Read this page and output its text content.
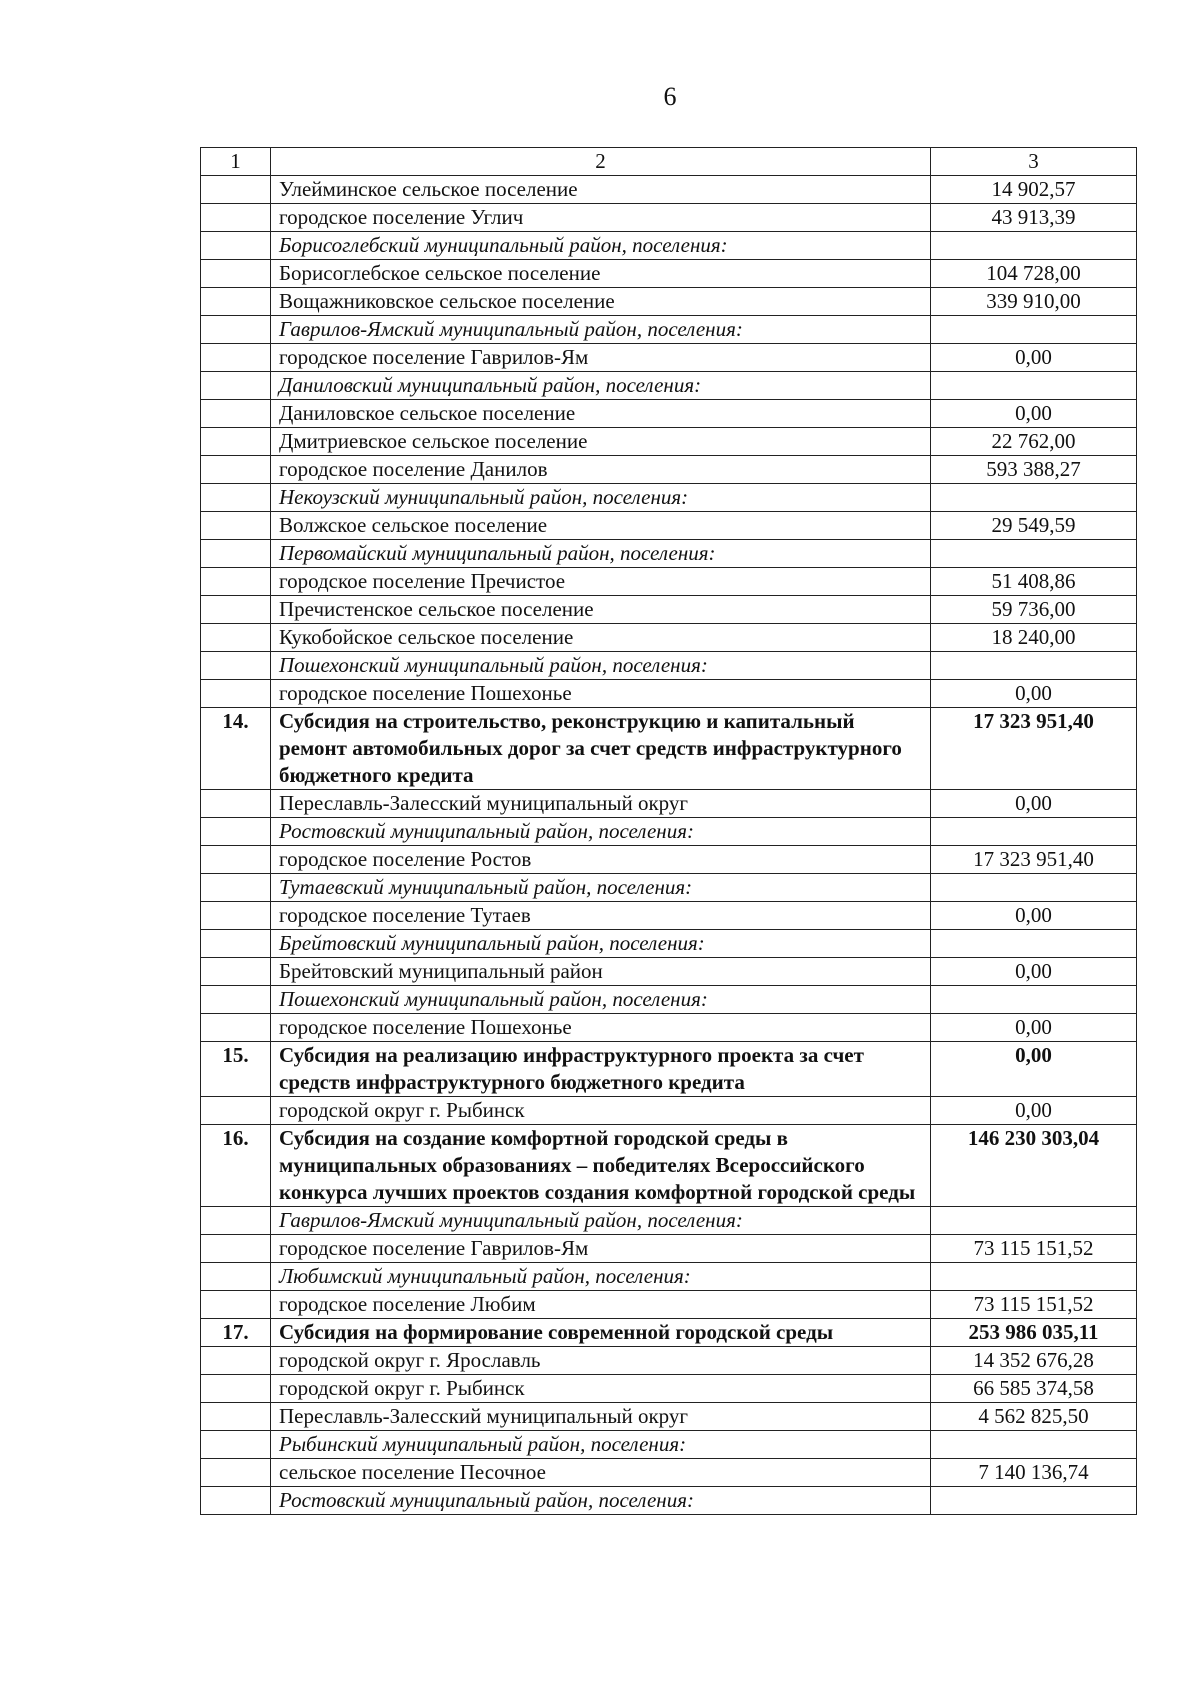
6
1	2	3
	Улейминское сельское поселение	14 902,57
	городское поселение Углич	43 913,39
	Борисоглебский муниципальный район, поселения:	
	Борисоглебское сельское поселение	104 728,00
	Вощажниковское сельское поселение	339 910,00
	Гаврилов-Ямский муниципальный район, поселения:	
	городское поселение Гаврилов-Ям	0,00
	Даниловский муниципальный район, поселения:	
	Даниловское сельское поселение	0,00
	Дмитриевское сельское поселение	22 762,00
	городское поселение Данилов	593 388,27
	Некоузский муниципальный район, поселения:	
	Волжское сельское поселение	29 549,59
	Первомайский муниципальный район, поселения:	
	городское поселение Пречистое	51 408,86
	Пречистенское сельское поселение	59 736,00
	Кукобойское сельское поселение	18 240,00
	Пошехонский муниципальный район, поселения:	
	городское поселение Пошехонье	0,00
14.	Субсидия на строительство, реконструкцию и капитальный ремонт автомобильных дорог за счет средств инфраструктурного бюджетного кредита	17 323 951,40
	Переславль-Залесский муниципальный округ	0,00
	Ростовский муниципальный район, поселения:	
	городское поселение Ростов	17 323 951,40
	Тутаевский муниципальный район, поселения:	
	городское поселение Тутаев	0,00
	Брейтовский муниципальный район, поселения:	
	Брейтовский муниципальный район	0,00
	Пошехонский муниципальный район, поселения:	
	городское поселение Пошехонье	0,00
15.	Субсидия на реализацию инфраструктурного проекта за счет средств инфраструктурного бюджетного кредита	0,00
	городской округ г. Рыбинск	0,00
16.	Субсидия на создание комфортной городской среды в муниципальных образованиях – победителях Всероссийского конкурса лучших проектов создания комфортной городской среды	146 230 303,04
	Гаврилов-Ямский муниципальный район, поселения:	
	городское поселение Гаврилов-Ям	73 115 151,52
	Любимский муниципальный район, поселения:	
	городское поселение Любим	73 115 151,52
17.	Субсидия на формирование современной городской среды	253 986 035,11
	городской округ г. Ярославль	14 352 676,28
	городской округ г. Рыбинск	66 585 374,58
	Переславль-Залесский муниципальный округ	4 562 825,50
	Рыбинский муниципальный район, поселения:	
	сельское поселение Песочное	7 140 136,74
	Ростовский муниципальный район, поселения:	
